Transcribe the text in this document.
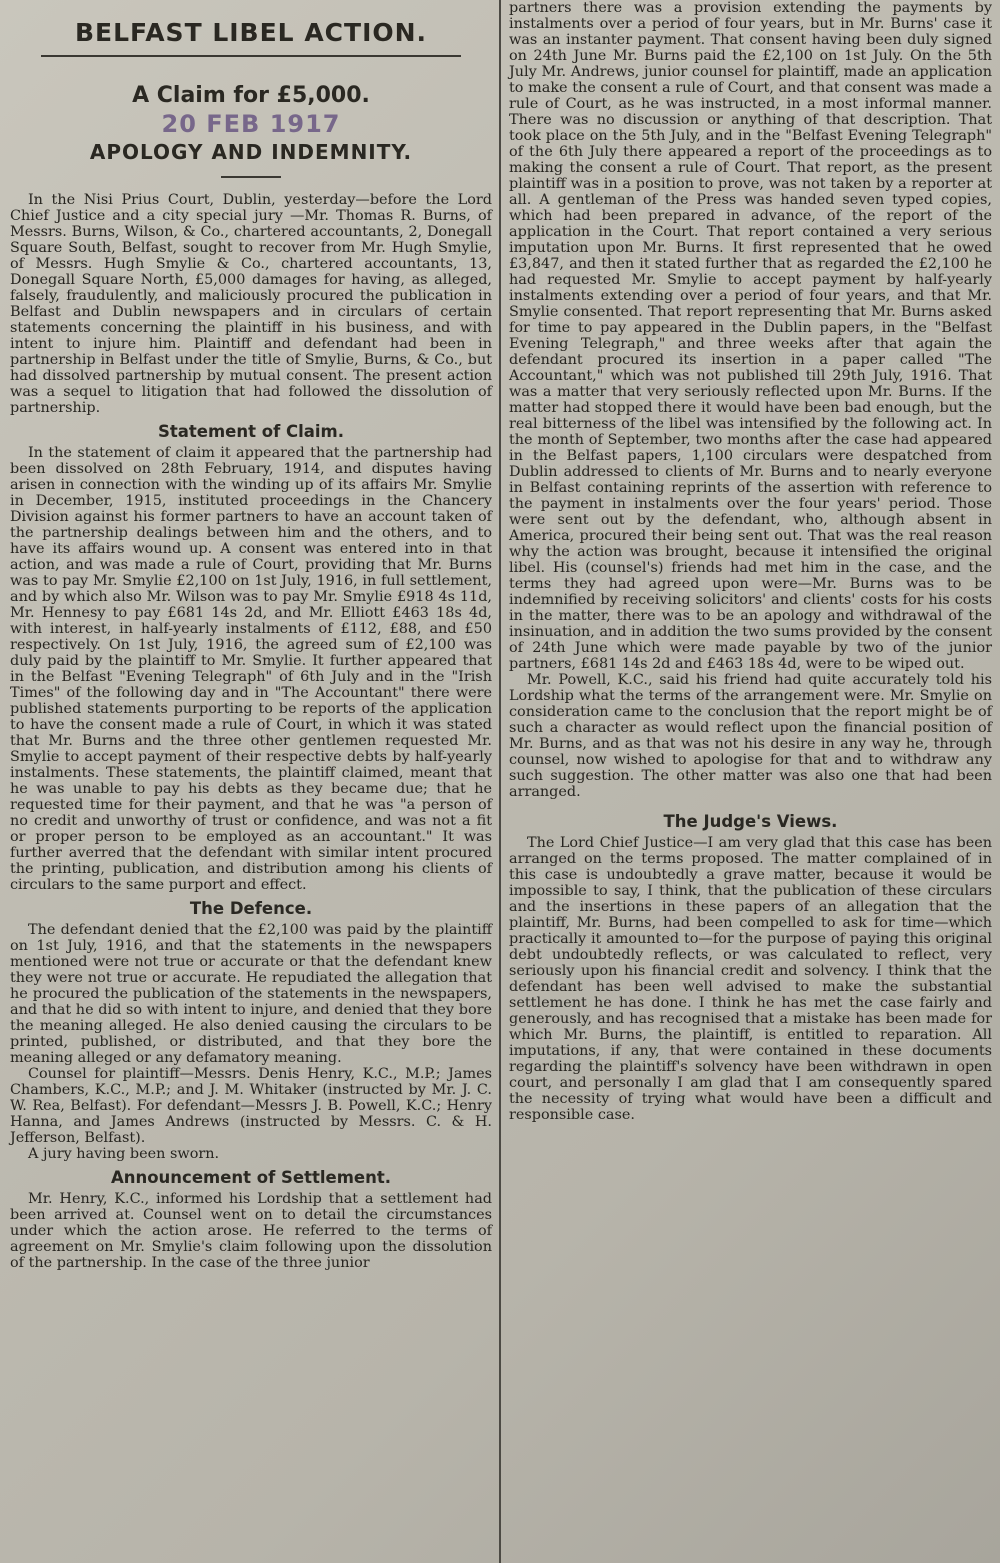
BELFAST LIBEL ACTION.
A Claim for £5,000.
20 FEB 1917
APOLOGY AND INDEMNITY.

In the Nisi Prius Court, Dublin, yesterday—before the Lord Chief Justice and a city special jury —Mr. Thomas R. Burns, of Messrs. Burns, Wilson, & Co., chartered accountants, 2, Donegall Square South, Belfast, sought to recover from Mr. Hugh Smylie, of Messrs. Hugh Smylie & Co., chartered accountants, 13, Donegall Square North, £5,000 damages for having, as alleged, falsely, fraudulently, and maliciously procured the publication in Belfast and Dublin newspapers and in circulars of certain statements concerning the plaintiff in his business, and with intent to injure him. Plaintiff and defendant had been in partnership in Belfast under the title of Smylie, Burns, & Co., but had dissolved partnership by mutual consent. The present action was a sequel to litigation that had followed the dissolution of partnership.

Statement of Claim.

In the statement of claim it appeared that the partnership had been dissolved on 28th February, 1914, and disputes having arisen in connection with the winding up of its affairs Mr. Smylie in December, 1915, instituted proceedings in the Chancery Division against his former partners to have an account taken of the partnership dealings between him and the others, and to have its affairs wound up. A consent was entered into in that action, and was made a rule of Court, providing that Mr. Burns was to pay Mr. Smylie £2,100 on 1st July, 1916, in full settlement, and by which also Mr. Wilson was to pay Mr. Smylie £918 4s 11d, Mr. Hennesy to pay £681 14s 2d, and Mr. Elliott £463 18s 4d, with interest, in half-yearly instalments of £112, £88, and £50 respectively. On 1st July, 1916, the agreed sum of £2,100 was duly paid by the plaintiff to Mr. Smylie. It further appeared that in the Belfast "Evening Telegraph" of 6th July and in the "Irish Times" of the following day and in "The Accountant" there were published statements purporting to be reports of the application to have the consent made a rule of Court, in which it was stated that Mr. Burns and the three other gentlemen requested Mr. Smylie to accept payment of their respective debts by half-yearly instalments. These statements, the plaintiff claimed, meant that he was unable to pay his debts as they became due; that he requested time for their payment, and that he was "a person of no credit and unworthy of trust or confidence, and was not a fit or proper person to be employed as an accountant." It was further averred that the defendant with similar intent procured the printing, publication, and distribution among his clients of circulars to the same purport and effect.

The Defence.

The defendant denied that the £2,100 was paid by the plaintiff on 1st July, 1916, and that the statements in the newspapers mentioned were not true or accurate or that the defendant knew they were not true or accurate. He repudiated the allegation that he procured the publication of the statements in the newspapers, and that he did so with intent to injure, and denied that they bore the meaning alleged. He also denied causing the circulars to be printed, published, or distributed, and that they bore the meaning alleged or any defamatory meaning.

Counsel for plaintiff—Messrs. Denis Henry, K.C., M.P.; James Chambers, K.C., M.P.; and J. M. Whitaker (instructed by Mr. J. C. W. Rea, Belfast). For defendant—Messrs J. B. Powell, K.C.; Henry Hanna, and James Andrews (instructed by Messrs. C. & H. Jefferson, Belfast).

A jury having been sworn.

Announcement of Settlement.

Mr. Henry, K.C., informed his Lordship that a settlement had been arrived at. Counsel went on to detail the circumstances under which the action arose. He referred to the terms of agreement on Mr. Smylie's claim following upon the dissolution of the partnership. In the case of the three junior

partners there was a provision extending the payments by instalments over a period of four years, but in Mr. Burns' case it was an instanter payment. That consent having been duly signed on 24th June Mr. Burns paid the £2,100 on 1st July. On the 5th July Mr. Andrews, junior counsel for plaintiff, made an application to make the consent a rule of Court, and that consent was made a rule of Court, as he was instructed, in a most informal manner. There was no discussion or anything of that description. That took place on the 5th July, and in the "Belfast Evening Telegraph" of the 6th July there appeared a report of the proceedings as to making the consent a rule of Court. That report, as the present plaintiff was in a position to prove, was not taken by a reporter at all. A gentleman of the Press was handed seven typed copies, which had been prepared in advance, of the report of the application in the Court. That report contained a very serious imputation upon Mr. Burns. It first represented that he owed £3,847, and then it stated further that as regarded the £2,100 he had requested Mr. Smylie to accept payment by half-yearly instalments extending over a period of four years, and that Mr. Smylie consented. That report representing that Mr. Burns asked for time to pay appeared in the Dublin papers, in the "Belfast Evening Telegraph," and three weeks after that again the defendant procured its insertion in a paper called "The Accountant," which was not published till 29th July, 1916. That was a matter that very seriously reflected upon Mr. Burns. If the matter had stopped there it would have been bad enough, but the real bitterness of the libel was intensified by the following act. In the month of September, two months after the case had appeared in the Belfast papers, 1,100 circulars were despatched from Dublin addressed to clients of Mr. Burns and to nearly everyone in Belfast containing reprints of the assertion with reference to the payment in instalments over the four years' period. Those were sent out by the defendant, who, although absent in America, procured their being sent out. That was the real reason why the action was brought, because it intensified the original libel. His (counsel's) friends had met him in the case, and the terms they had agreed upon were—Mr. Burns was to be indemnified by receiving solicitors' and clients' costs for his costs in the matter, there was to be an apology and withdrawal of the insinuation, and in addition the two sums provided by the consent of 24th June which were made payable by two of the junior partners, £681 14s 2d and £463 18s 4d, were to be wiped out.

Mr. Powell, K.C., said his friend had quite accurately told his Lordship what the terms of the arrangement were. Mr. Smylie on consideration came to the conclusion that the report might be of such a character as would reflect upon the financial position of Mr. Burns, and as that was not his desire in any way he, through counsel, now wished to apologise for that and to withdraw any such suggestion. The other matter was also one that had been arranged.

The Judge's Views.

The Lord Chief Justice—I am very glad that this case has been arranged on the terms proposed. The matter complained of in this case is undoubtedly a grave matter, because it would be impossible to say, I think, that the publication of these circulars and the insertions in these papers of an allegation that the plaintiff, Mr. Burns, had been compelled to ask for time—which practically it amounted to—for the purpose of paying this original debt undoubtedly reflects, or was calculated to reflect, very seriously upon his financial credit and solvency. I think that the defendant has been well advised to make the substantial settlement he has done. I think he has met the case fairly and generously, and has recognised that a mistake has been made for which Mr. Burns, the plaintiff, is entitled to reparation. All imputations, if any, that were contained in these documents regarding the plaintiff's solvency have been withdrawn in open court, and personally I am glad that I am consequently spared the necessity of trying what would have been a difficult and responsible case.
